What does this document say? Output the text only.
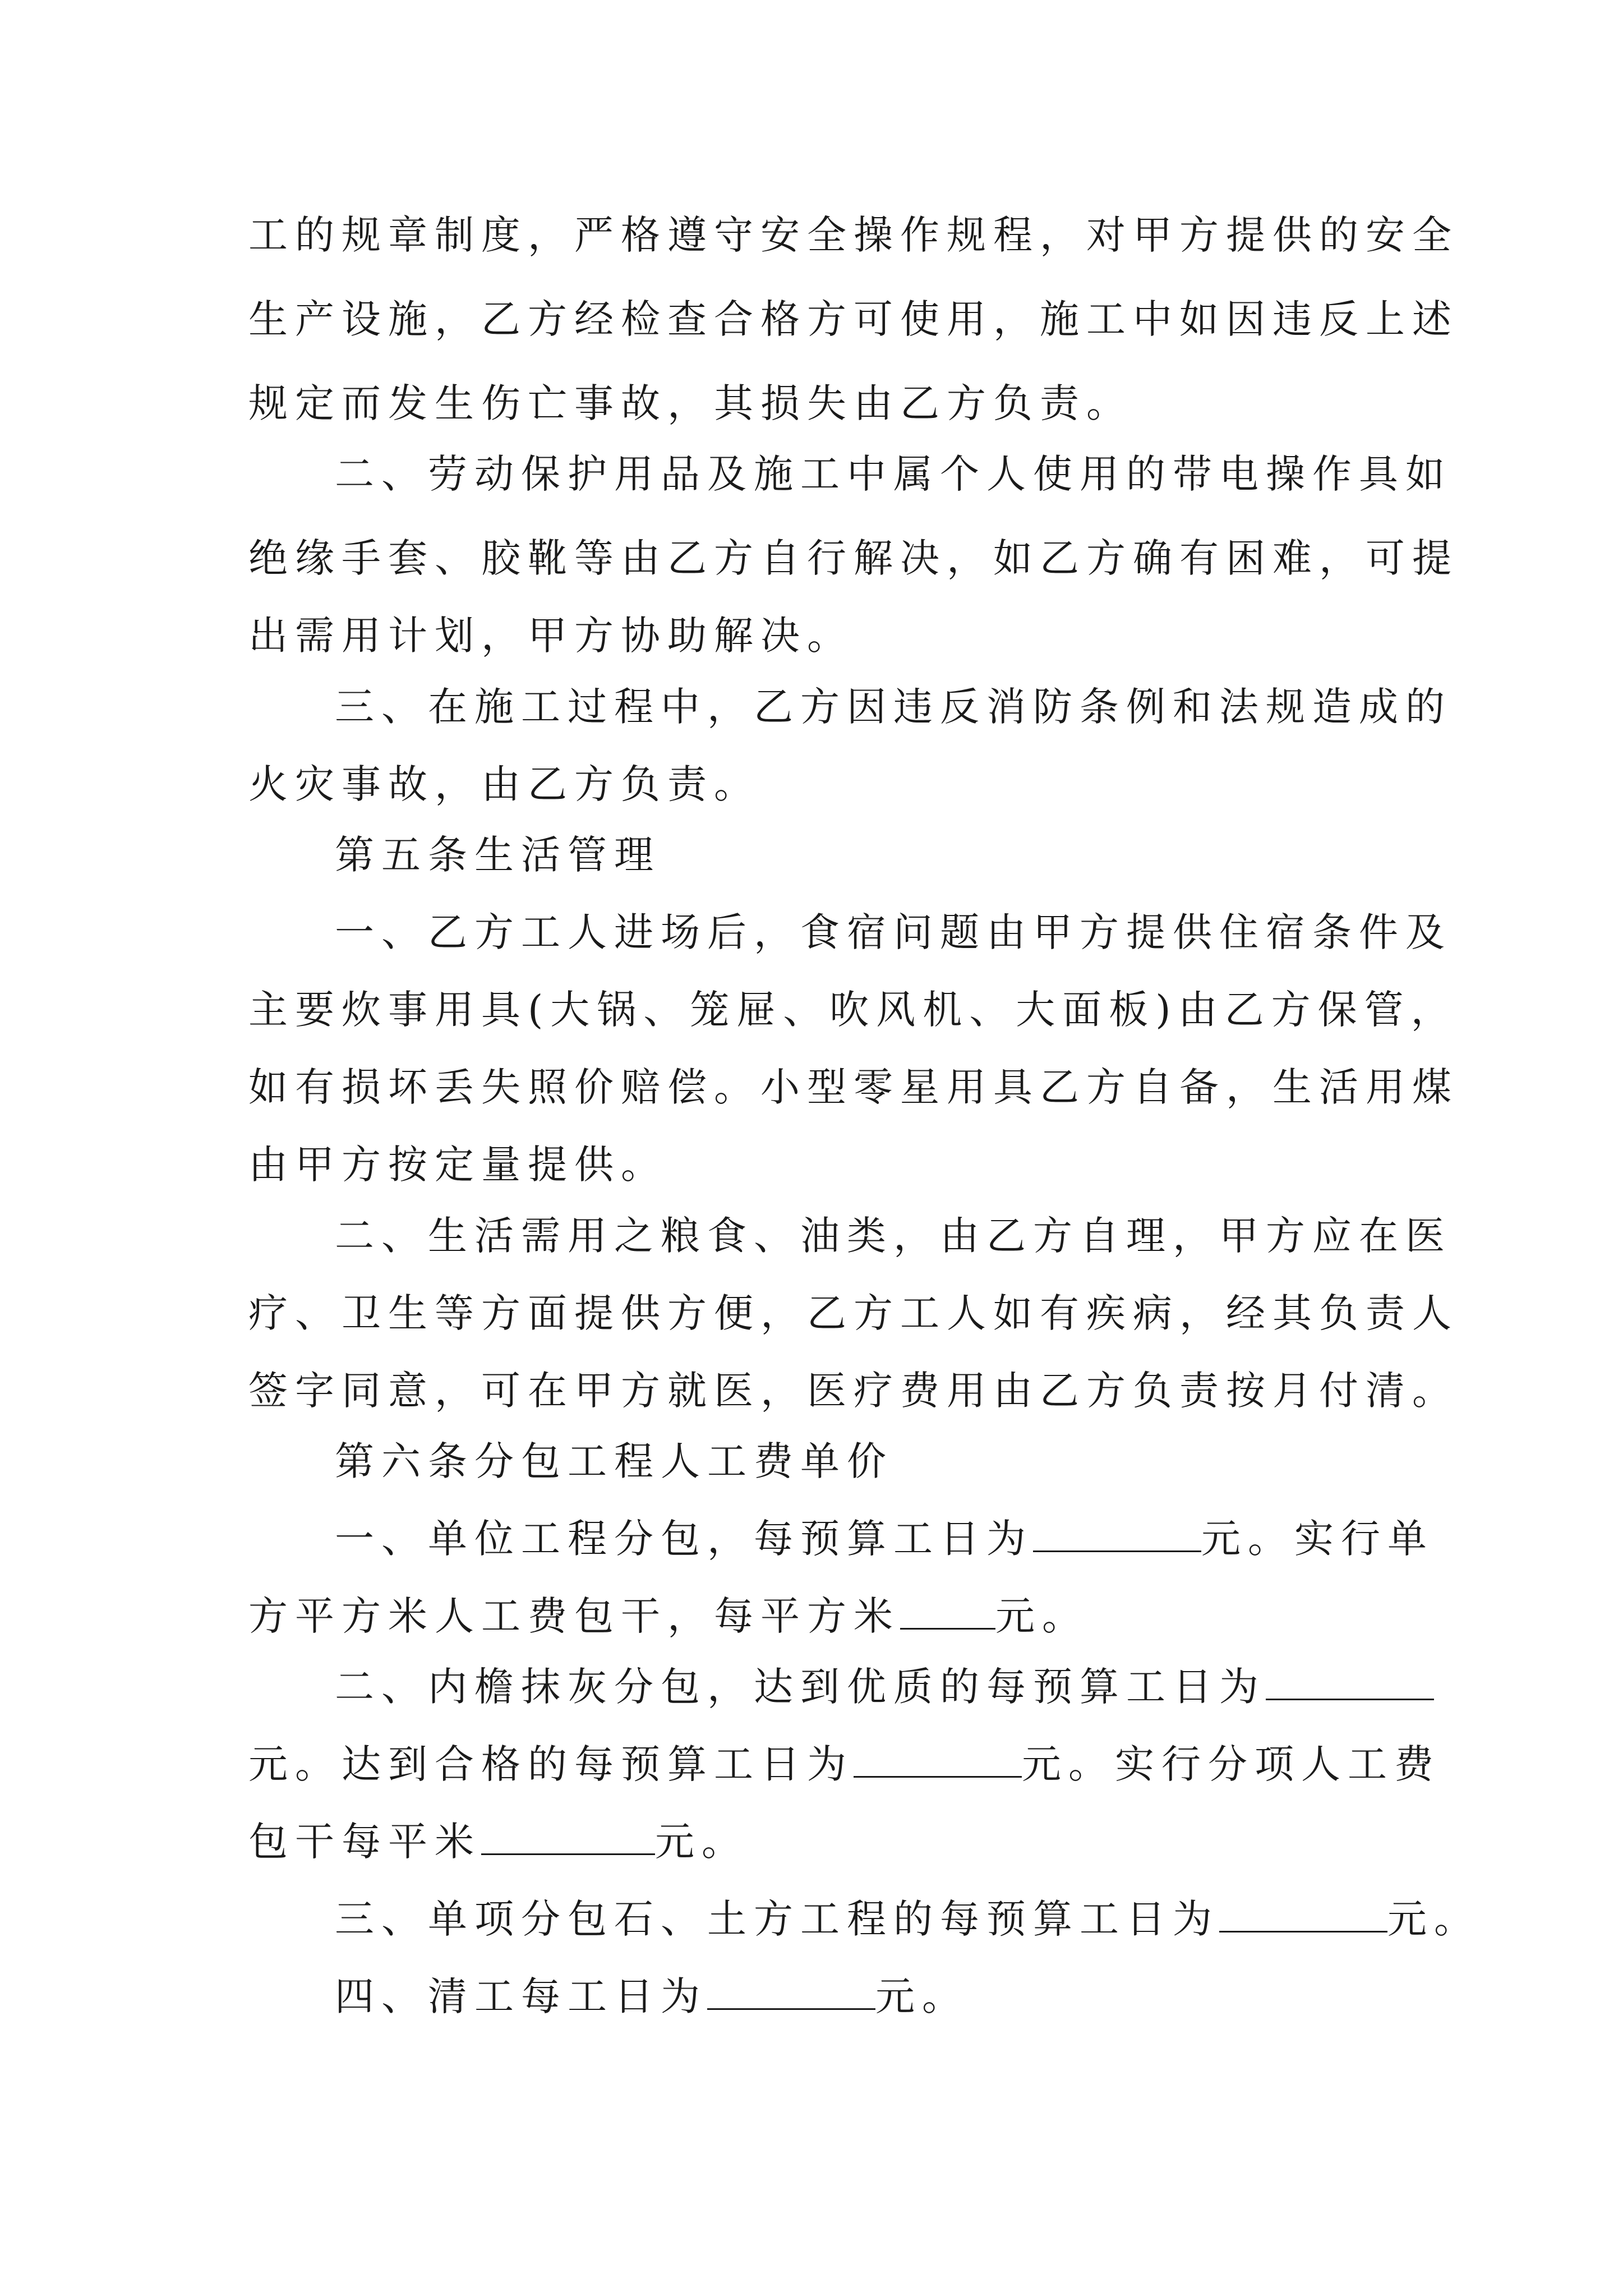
工的规章制度，严格遵守安全操作规程，对甲方提供的安全
生产设施，乙方经检查合格方可使用，施工中如因违反上述
规定而发生伤亡事故，其损失由乙方负责。
二、劳动保护用品及施工中属个人使用的带电操作具如
绝缘手套、胶靴等由乙方自行解决，如乙方确有困难，可提
出需用计划，甲方协助解决。
三、在施工过程中，乙方因违反消防条例和法规造成的
火灾事故，由乙方负责。
第五条生活管理
一、乙方工人进场后，食宿问题由甲方提供住宿条件及
主要炊事用具(大锅、笼屉、吹风机、大面板)由乙方保管，
如有损坏丢失照价赔偿。小型零星用具乙方自备，生活用煤
由甲方按定量提供。
二、生活需用之粮食、油类，由乙方自理，甲方应在医
疗、卫生等方面提供方便，乙方工人如有疾病，经其负责人
签字同意，可在甲方就医，医疗费用由乙方负责按月付清。
第六条分包工程人工费单价
一、单位工程分包，每预算工日为	元。实行单
方平方米人工费包干，每平方米 元。
二、内檐抹灰分包，达到优质的每预算工日为
元。达到合格的每预算工日为	元。实行分项人工费
包干每平米	元。
三、单项分包石、土方工程的每预算工日为	元。
四、清工每工日为	元。
